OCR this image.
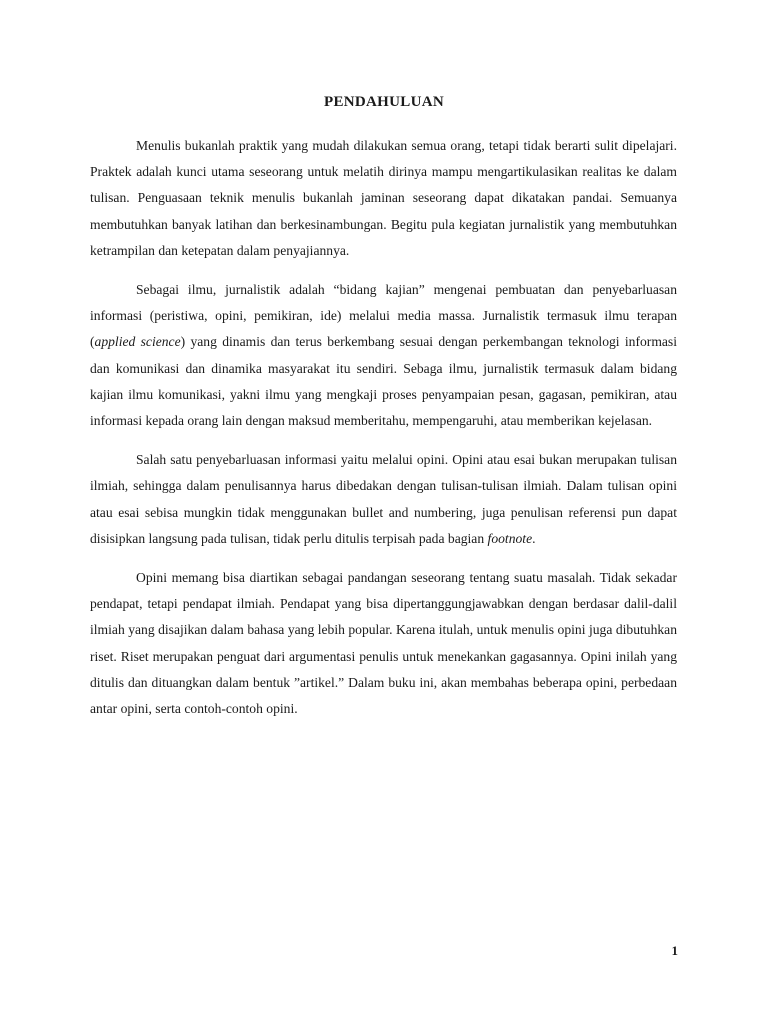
PENDAHULUAN

Menulis bukanlah praktik yang mudah dilakukan semua orang, tetapi tidak berarti sulit dipelajari. Praktek adalah kunci utama seseorang untuk melatih dirinya mampu mengartikulasikan realitas ke dalam tulisan. Penguasaan teknik menulis bukanlah jaminan seseorang dapat dikatakan pandai. Semuanya membutuhkan banyak latihan dan berkesinambungan. Begitu pula kegiatan jurnalistik yang membutuhkan ketrampilan dan ketepatan dalam penyajiannya.

Sebagai ilmu, jurnalistik adalah “bidang kajian” mengenai pembuatan dan penyebarluasan informasi (peristiwa, opini, pemikiran, ide) melalui media massa. Jurnalistik termasuk ilmu terapan (applied science) yang dinamis dan terus berkembang sesuai dengan perkembangan teknologi informasi dan komunikasi dan dinamika masyarakat itu sendiri. Sebaga ilmu, jurnalistik termasuk dalam bidang kajian ilmu komunikasi, yakni ilmu yang mengkaji proses penyampaian pesan, gagasan, pemikiran, atau informasi kepada orang lain dengan maksud memberitahu, mempengaruhi, atau memberikan kejelasan.

Salah satu penyebarluasan informasi yaitu melalui opini. Opini atau esai bukan merupakan tulisan ilmiah, sehingga dalam penulisannya harus dibedakan dengan tulisan-tulisan ilmiah. Dalam tulisan opini atau esai sebisa mungkin tidak menggunakan bullet and numbering, juga penulisan referensi pun dapat disisipkan langsung pada tulisan, tidak perlu ditulis terpisah pada bagian footnote.

Opini memang bisa diartikan sebagai pandangan seseorang tentang suatu masalah. Tidak sekadar pendapat, tetapi pendapat ilmiah. Pendapat yang bisa dipertanggungjawabkan dengan berdasar dalil-dalil ilmiah yang disajikan dalam bahasa yang lebih popular. Karena itulah, untuk menulis opini juga dibutuhkan riset. Riset merupakan penguat dari argumentasi penulis untuk menekankan gagasannya. Opini inilah yang ditulis dan dituangkan dalam bentuk ”artikel.” Dalam buku ini, akan membahas beberapa opini, perbedaan antar opini, serta contoh-contoh opini.

1
